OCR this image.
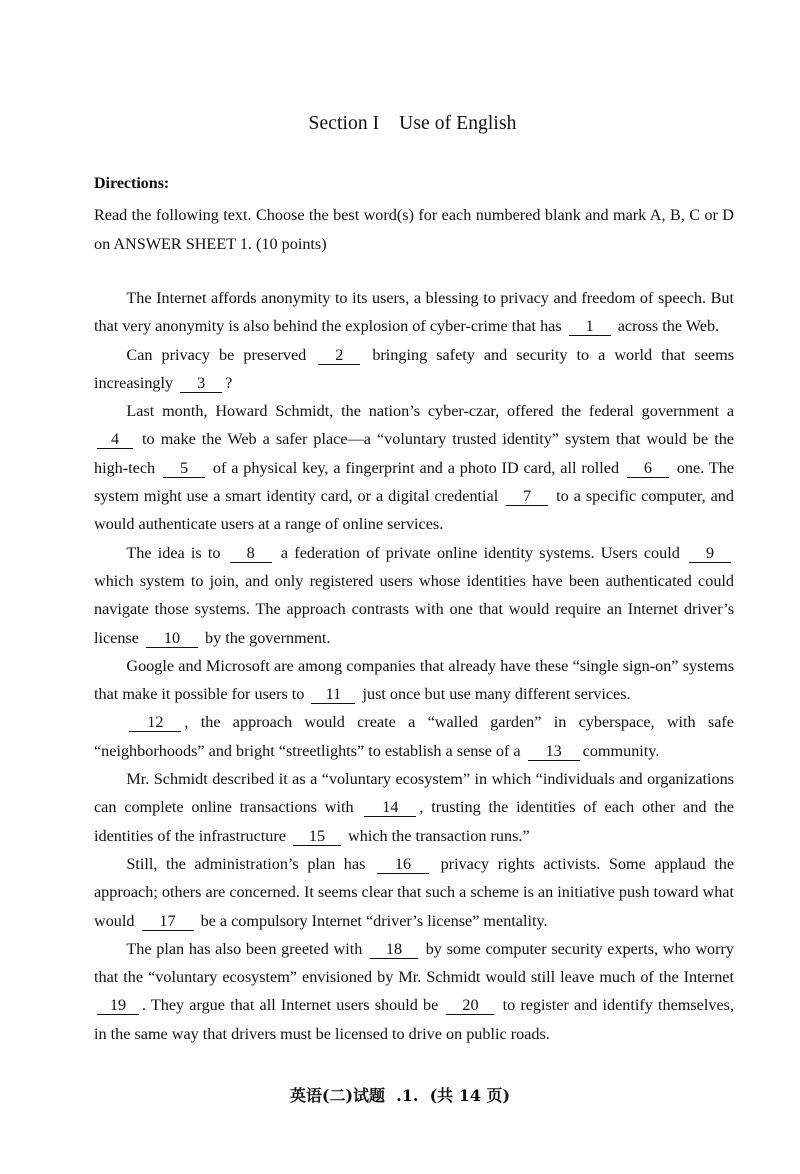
Section I    Use of English
Directions:
Read the following text. Choose the best word(s) for each numbered blank and mark A, B, C or D on ANSWER SHEET 1. (10 points)

The Internet affords anonymity to its users, a blessing to privacy and freedom of speech. But that very anonymity is also behind the explosion of cyber-crime that has 1 across the Web.

Can privacy be preserved 2 bringing safety and security to a world that seems increasingly 3 ?

Last month, Howard Schmidt, the nation’s cyber-czar, offered the federal government a 4 to make the Web a safer place—a “voluntary trusted identity” system that would be the high-tech 5 of a physical key, a fingerprint and a photo ID card, all rolled 6 one. The system might use a smart identity card, or a digital credential 7 to a specific computer, and would authenticate users at a range of online services.

The idea is to 8 a federation of private online identity systems. Users could 9 which system to join, and only registered users whose identities have been authenticated could navigate those systems. The approach contrasts with one that would require an Internet driver’s license 10 by the government.

Google and Microsoft are among companies that already have these “single sign-on” systems that make it possible for users to 11 just once but use many different services.

12 , the approach would create a “walled garden” in cyberspace, with safe “neighborhoods” and bright “streetlights” to establish a sense of a 13 community.

Mr. Schmidt described it as a “voluntary ecosystem” in which “individuals and organizations can complete online transactions with 14 , trusting the identities of each other and the identities of the infrastructure 15 which the transaction runs.”

Still, the administration’s plan has 16 privacy rights activists. Some applaud the approach; others are concerned. It seems clear that such a scheme is an initiative push toward what would 17 be a compulsory Internet “driver’s license” mentality.

The plan has also been greeted with 18 by some computer security experts, who worry that the “voluntary ecosystem” envisioned by Mr. Schmidt would still leave much of the Internet 19 . They argue that all Internet users should be 20 to register and identify themselves, in the same way that drivers must be licensed to drive on public roads.

英语(二)试题  .1.  (共 14 页)
